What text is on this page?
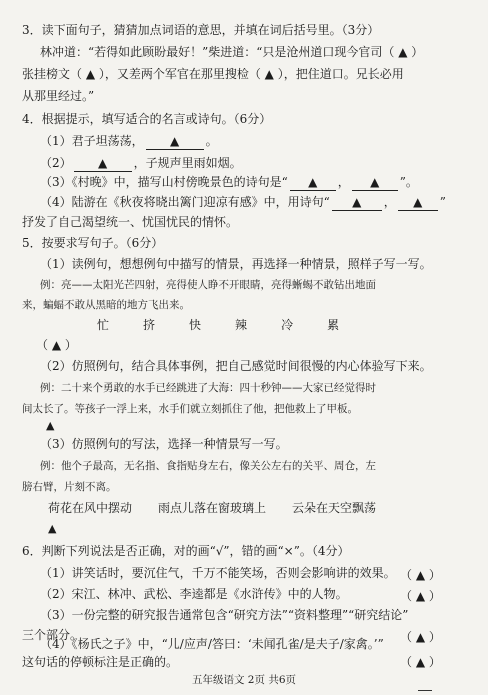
3．读下面句子，猜猜加点词语的意思，并填在词后括号里。（3分）
林冲道：“若得如此顾盼最好！”柴进道：“只是沧州道口现今官司（ ▲ ）
张挂榜文（ ▲ ），又差两个军官在那里搜检（ ▲ ），把住道口。兄长必用
从那里经过。”
4．根据提示，填写适合的名言或诗句。（6分）
（1）君子坦荡荡， ▲ 。
（2） ▲ ，子规声里雨如烟。
（3）《村晚》中，描写山村傍晚景色的诗句是“ ▲ ， ▲ ”。
（4）陆游在《秋夜将晓出篱门迎凉有感》中，用诗句“ ▲ ， ▲ ”
抒发了自己渴望统一、忧国忧民的情怀。
5．按要求写句子。（6分）
（1）读例句，想想例句中描写的情景，再选择一种情景，照样子写一写。
例：亮——太阳光芒四射，亮得使人睁不开眼睛，亮得蜥蜴不敢钻出地面
来，蝙蝠不敢从黑暗的地方飞出来。
忙	挤	快	辣	冷	累
（ ▲ ）
（2）仿照例句，结合具体事例，把自己感觉时间很慢的内心体验写下来。
例：二十来个勇敢的水手已经跳进了大海：四十秒钟——大家已经觉得时
间太长了。等孩子一浮上来，水手们就立刻抓住了他，把他救上了甲板。
▲
（3）仿照例句的写法，选择一种情景写一写。
例：他个子最高，无名指、食指贴身左右，像关公左右的关平、周仓，左
膀右臂，片刻不离。
荷花在风中摆动 雨点儿落在窗玻璃上 云朵在天空飘荡
▲
6．判断下列说法是否正确，对的画“√”，错的画“×”。（4分）
（1）讲笑话时，要沉住气，千万不能笑场，否则会影响讲的效果。 （ ▲ ）
（2）宋江、林冲、武松、李逵都是《水浒传》中的人物。	（ ▲ ）
（3）一份完整的研究报告通常包含“研究方法”“资料整理”“研究结论”
三个部分。	（ ▲ ）
（4）《杨氏之子》中，“儿/应声/答曰：‘未闻孔雀/是夫子/家禽。’”
这句话的停顿标注是正确的。	（ ▲ ）
五年级语文 2页 共6页
